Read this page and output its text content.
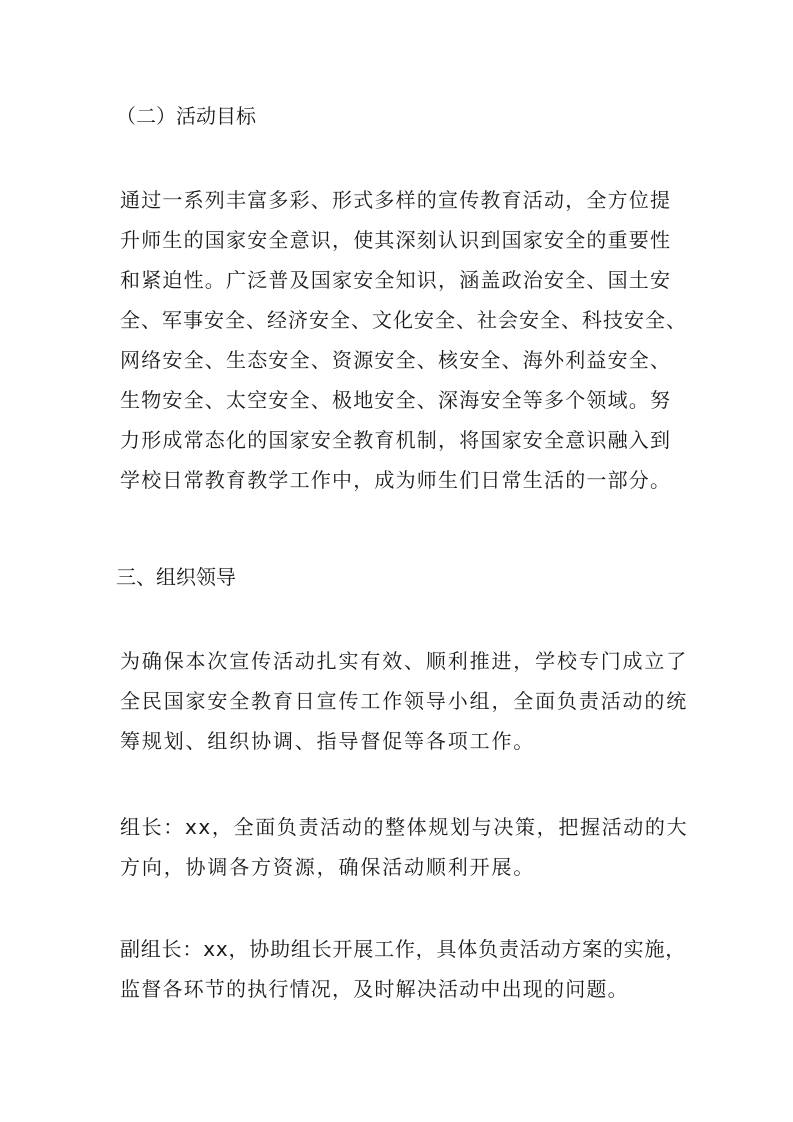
（二）活动目标
通过一系列丰富多彩、形式多样的宣传教育活动，全方位提
升师生的国家安全意识，使其深刻认识到国家安全的重要性
和紧迫性。广泛普及国家安全知识，涵盖政治安全、国土安
全、军事安全、经济安全、文化安全、社会安全、科技安全、
网络安全、生态安全、资源安全、核安全、海外利益安全、
生物安全、太空安全、极地安全、深海安全等多个领域。努
力形成常态化的国家安全教育机制，将国家安全意识融入到
学校日常教育教学工作中，成为师生们日常生活的一部分。
三、组织领导
为确保本次宣传活动扎实有效、顺利推进，学校专门成立了
全民国家安全教育日宣传工作领导小组，全面负责活动的统
筹规划、组织协调、指导督促等各项工作。
组长：xx，全面负责活动的整体规划与决策，把握活动的大
方向，协调各方资源，确保活动顺利开展。
副组长：xx，协助组长开展工作，具体负责活动方案的实施，
监督各环节的执行情况，及时解决活动中出现的问题。
